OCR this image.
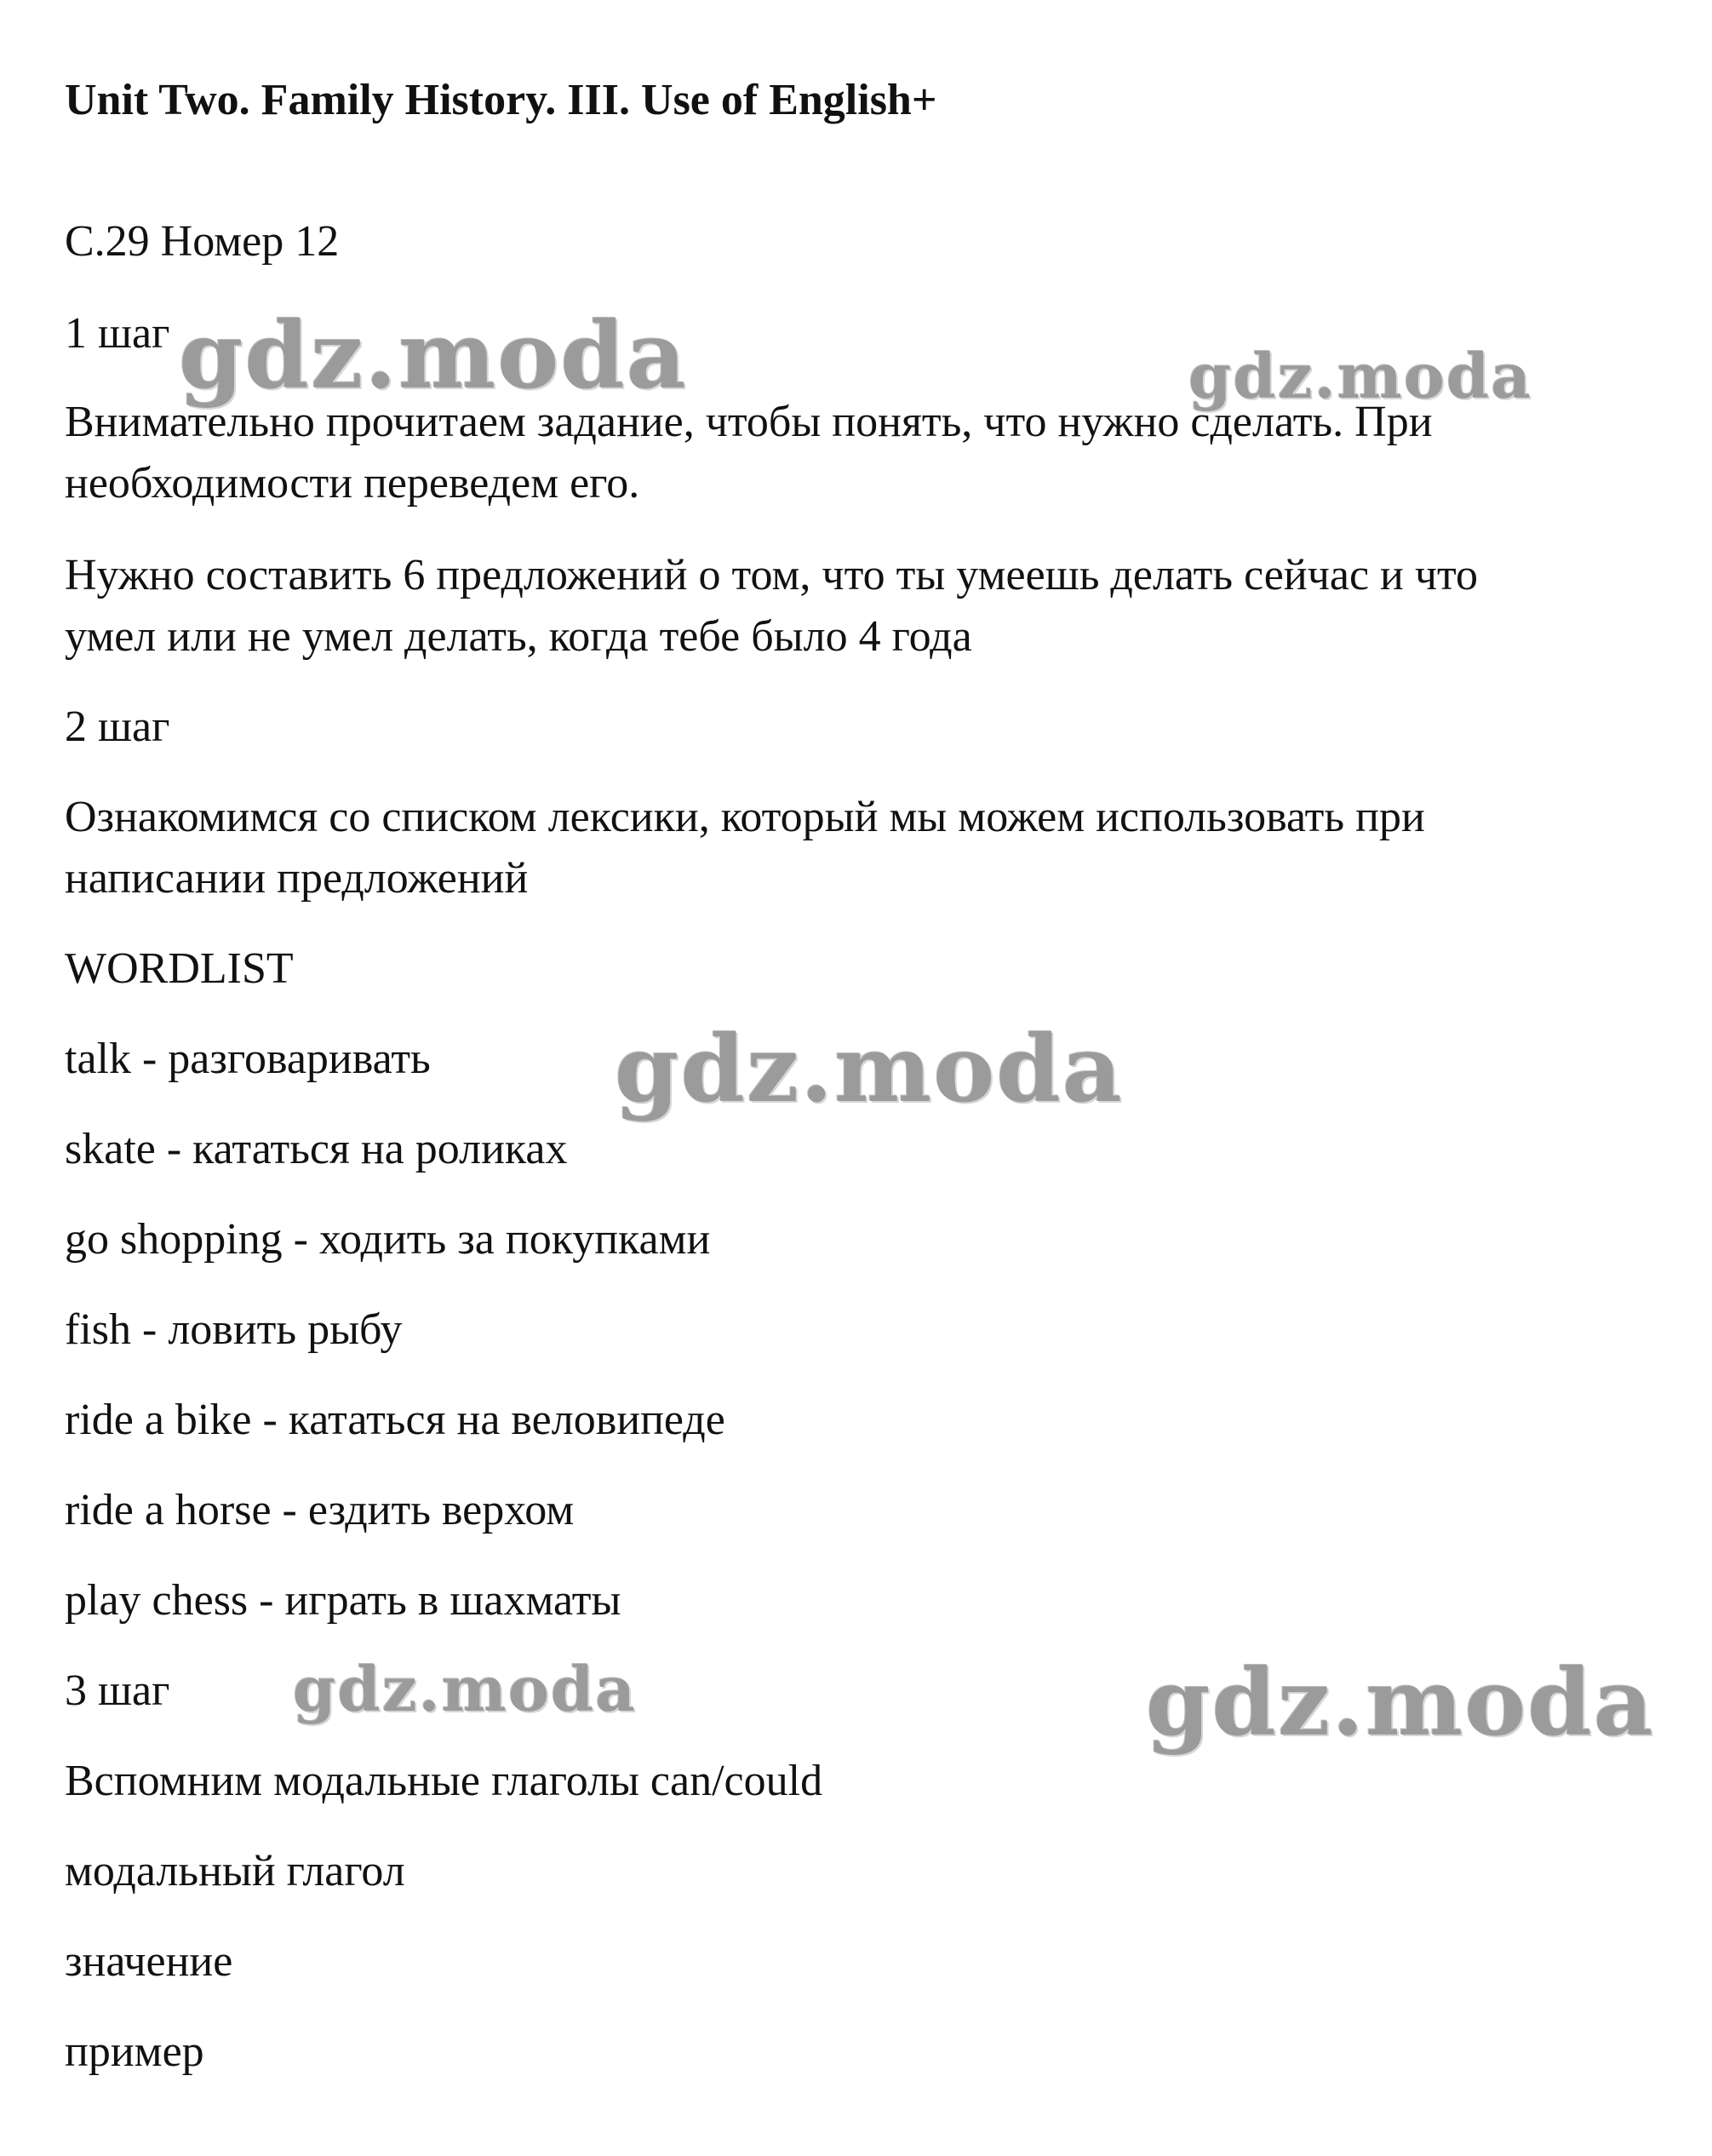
Unit Two. Family History. III. Use of English+
С.29 Номер 12
1 шаг
Внимательно прочитаем задание, чтобы понять, что нужно сделать. При
необходимости переведем его.
Нужно составить 6 предложений о том, что ты умеешь делать сейчас и что
умел или не умел делать, когда тебе было 4 года
2 шаг
Ознакомимся со списком лексики, который мы можем использовать при
написании предложений
WORDLIST
talk - разговаривать
skate - кататься на роликах
go shopping - ходить за покупками
fish - ловить рыбу
ride a bike - кататься на веловипеде
ride a horse - ездить верхом
play chess - играть в шахматы
3 шаг
Вспомним модальные глаголы can/could
модальный глагол
значение
пример
gdz.moda	gdz.moda
gdz.moda
gdz.moda	gdz.moda
